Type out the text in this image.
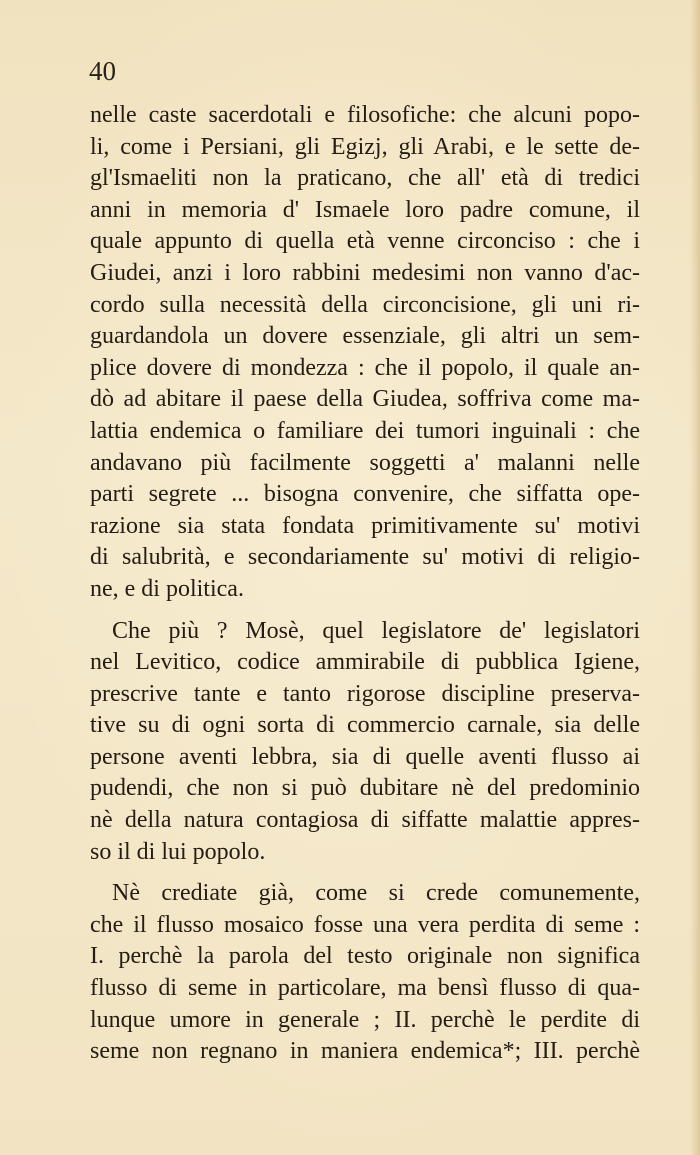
40

nelle caste sacerdotali e filosofiche: che alcuni popo-
li, come i Persiani, gli Egizj, gli Arabi, e le sette de-
gl'Ismaeliti non la praticano, che all' età di tredici
anni in memoria d' Ismaele loro padre comune, il
quale appunto di quella età venne circonciso : che i
Giudei, anzi i loro rabbini medesimi non vanno d'ac-
cordo sulla necessità della circoncisione, gli uni ri-
guardandola un dovere essenziale, gli altri un sem-
plice dovere di mondezza : che il popolo, il quale an-
dò ad abitare il paese della Giudea, soffriva come ma-
lattia endemica o familiare dei tumori inguinali : che
andavano più facilmente soggetti a' malanni nelle
parti segrete ... bisogna convenire, che siffatta ope-
razione sia stata fondata primitivamente su' motivi
di salubrità, e secondariamente su' motivi di religio-
ne, e di politica.
Che più ? Mosè, quel legislatore de' legislatori
nel Levitico, codice ammirabile di pubblica Igiene,
prescrive tante e tanto rigorose discipline preserva-
tive su di ogni sorta di commercio carnale, sia delle
persone aventi lebbra, sia di quelle aventi flusso ai
pudendi, che non si può dubitare nè del predominio
nè della natura contagiosa di siffatte malattie appres-
so il di lui popolo.
Nè crediate già, come si crede comunemente,
che il flusso mosaico fosse una vera perdita di seme :
I. perchè la parola del testo originale non significa
flusso di seme in particolare, ma bensì flusso di qua-
lunque umore in generale ; II. perchè le perdite di
seme non regnano in maniera endemica*; III. perchè
